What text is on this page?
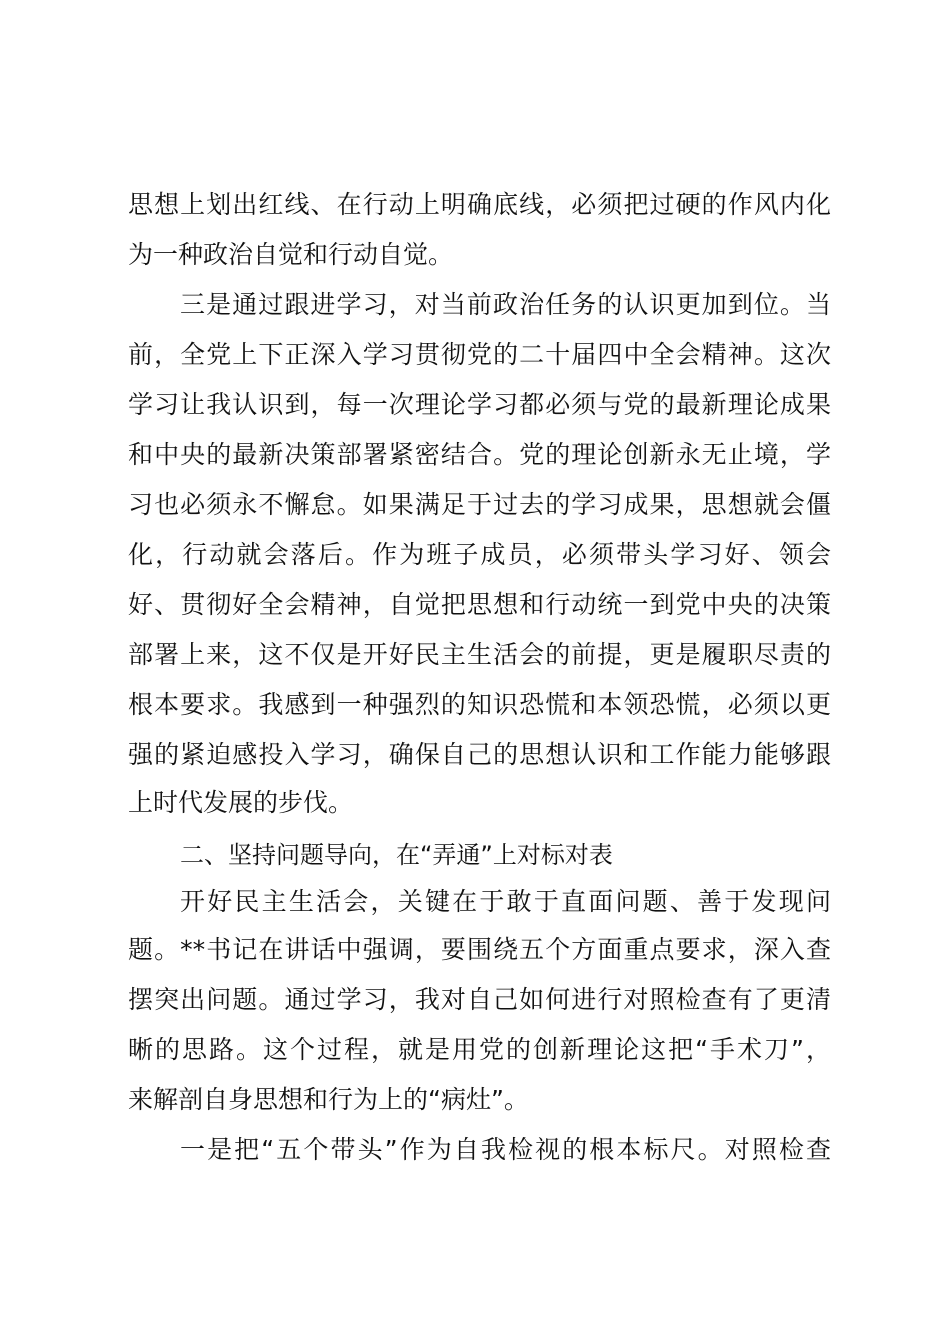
思想上划出红线、在行动上明确底线，必须把过硬的作风内化
为一种政治自觉和行动自觉。
三是通过跟进学习，对当前政治任务的认识更加到位。当
前，全党上下正深入学习贯彻党的二十届四中全会精神。这次
学习让我认识到，每一次理论学习都必须与党的最新理论成果
和中央的最新决策部署紧密结合。党的理论创新永无止境，学
习也必须永不懈怠。如果满足于过去的学习成果，思想就会僵
化，行动就会落后。作为班子成员，必须带头学习好、领会
好、贯彻好全会精神，自觉把思想和行动统一到党中央的决策
部署上来，这不仅是开好民主生活会的前提，更是履职尽责的
根本要求。我感到一种强烈的知识恐慌和本领恐慌，必须以更
强的紧迫感投入学习，确保自己的思想认识和工作能力能够跟
上时代发展的步伐。
二、坚持问题导向，在“弄通”上对标对表
开好民主生活会，关键在于敢于直面问题、善于发现问
题。**书记在讲话中强调，要围绕五个方面重点要求，深入查
摆突出问题。通过学习，我对自己如何进行对照检查有了更清
晰的思路。这个过程，就是用党的创新理论这把“手术刀”，
来解剖自身思想和行为上的“病灶”。
一是把“五个带头”作为自我检视的根本标尺。对照检查
